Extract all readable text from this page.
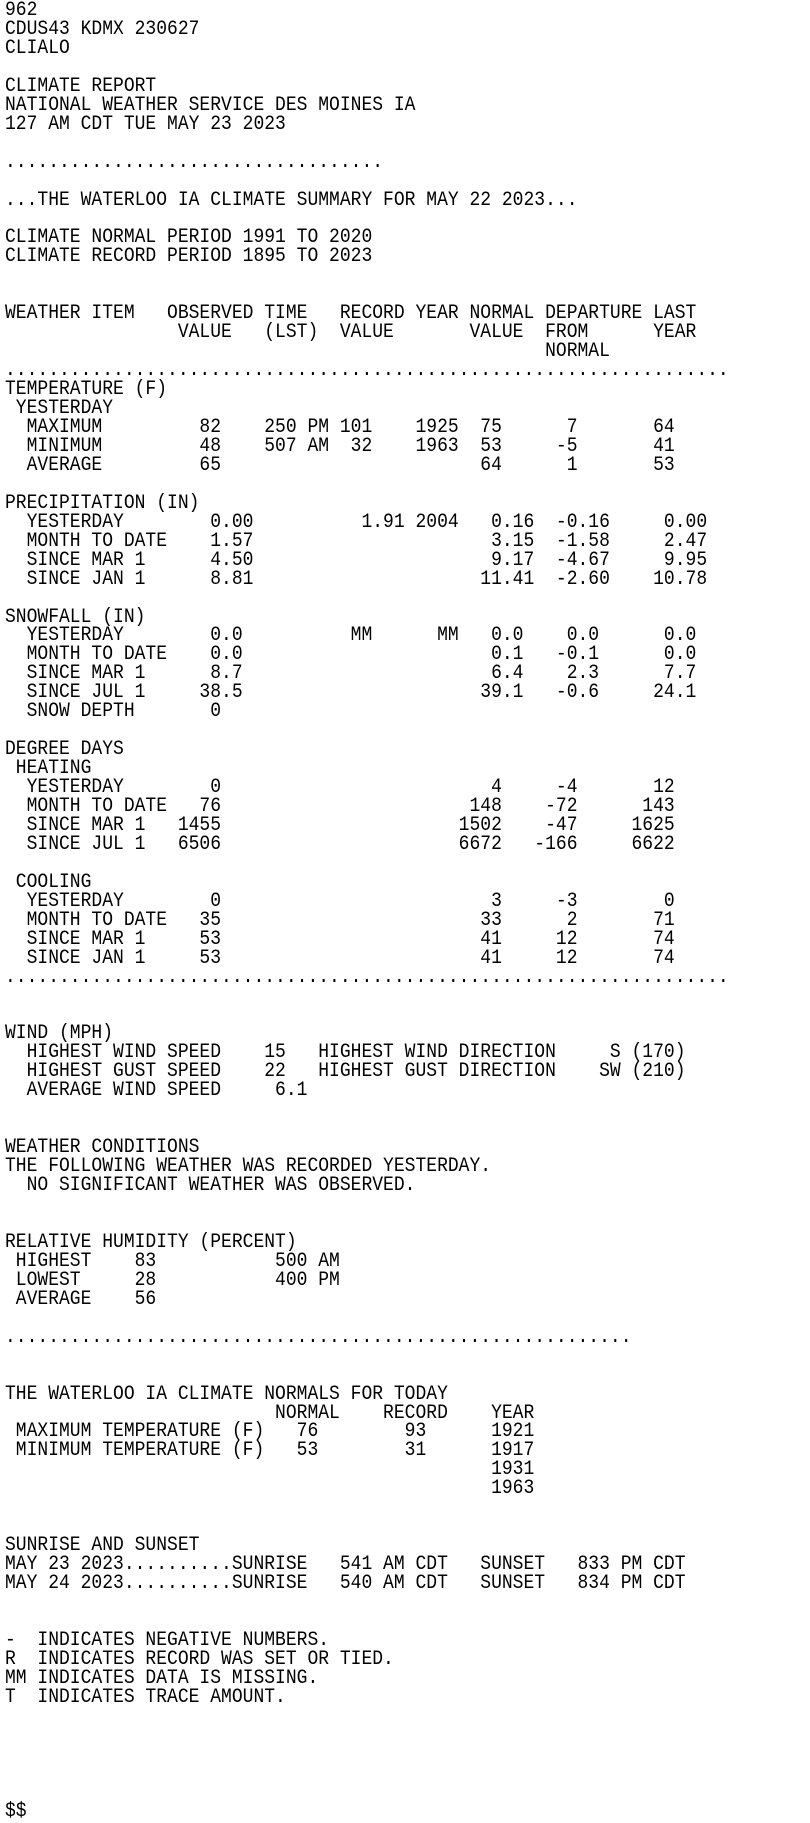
962
CDUS43 KDMX 230627
CLIALO

CLIMATE REPORT
NATIONAL WEATHER SERVICE DES MOINES IA
127 AM CDT TUE MAY 23 2023

...................................

...THE WATERLOO IA CLIMATE SUMMARY FOR MAY 22 2023...

CLIMATE NORMAL PERIOD 1991 TO 2020
CLIMATE RECORD PERIOD 1895 TO 2023

WEATHER ITEM   OBSERVED TIME   RECORD YEAR NORMAL DEPARTURE LAST
VALUE   (LST)  VALUE       VALUE  FROM      YEAR
NORMAL
...................................................................
TEMPERATURE (F)
YESTERDAY
MAXIMUM         82    250 PM 101    1925  75      7       64
MINIMUM         48    507 AM  32    1963  53     -5       41
AVERAGE         65                        64      1       53

PRECIPITATION (IN)
YESTERDAY        0.00          1.91 2004   0.16  -0.16     0.00
MONTH TO DATE    1.57                      3.15  -1.58     2.47
SINCE MAR 1      4.50                      9.17  -4.67     9.95
SINCE JAN 1      8.81                     11.41  -2.60    10.78

SNOWFALL (IN)
YESTERDAY        0.0          MM      MM   0.0    0.0      0.0
MONTH TO DATE    0.0                       0.1   -0.1      0.0
SINCE MAR 1      8.7                       6.4    2.3      7.7
SINCE JUL 1     38.5                      39.1   -0.6     24.1
SNOW DEPTH       0

DEGREE DAYS
HEATING
YESTERDAY        0                         4     -4       12
MONTH TO DATE   76                       148    -72      143
SINCE MAR 1   1455                      1502    -47     1625
SINCE JUL 1   6506                      6672   -166     6622

COOLING
YESTERDAY        0                         3     -3        0
MONTH TO DATE   35                        33      2       71
SINCE MAR 1     53                        41     12       74
SINCE JAN 1     53                        41     12       74
...................................................................

WIND (MPH)
HIGHEST WIND SPEED    15   HIGHEST WIND DIRECTION     S (170)
HIGHEST GUST SPEED    22   HIGHEST GUST DIRECTION    SW (210)
AVERAGE WIND SPEED     6.1

WEATHER CONDITIONS
THE FOLLOWING WEATHER WAS RECORDED YESTERDAY.
NO SIGNIFICANT WEATHER WAS OBSERVED.

RELATIVE HUMIDITY (PERCENT)
HIGHEST    83           500 AM
LOWEST     28           400 PM
AVERAGE    56

..........................................................

THE WATERLOO IA CLIMATE NORMALS FOR TODAY
NORMAL    RECORD    YEAR
MAXIMUM TEMPERATURE (F)   76        93      1921
MINIMUM TEMPERATURE (F)   53        31      1917
1931
1963

SUNRISE AND SUNSET
MAY 23 2023..........SUNRISE   541 AM CDT   SUNSET   833 PM CDT
MAY 24 2023..........SUNRISE   540 AM CDT   SUNSET   834 PM CDT

-  INDICATES NEGATIVE NUMBERS.
R  INDICATES RECORD WAS SET OR TIED.
MM INDICATES DATA IS MISSING.
T  INDICATES TRACE AMOUNT.

$$
